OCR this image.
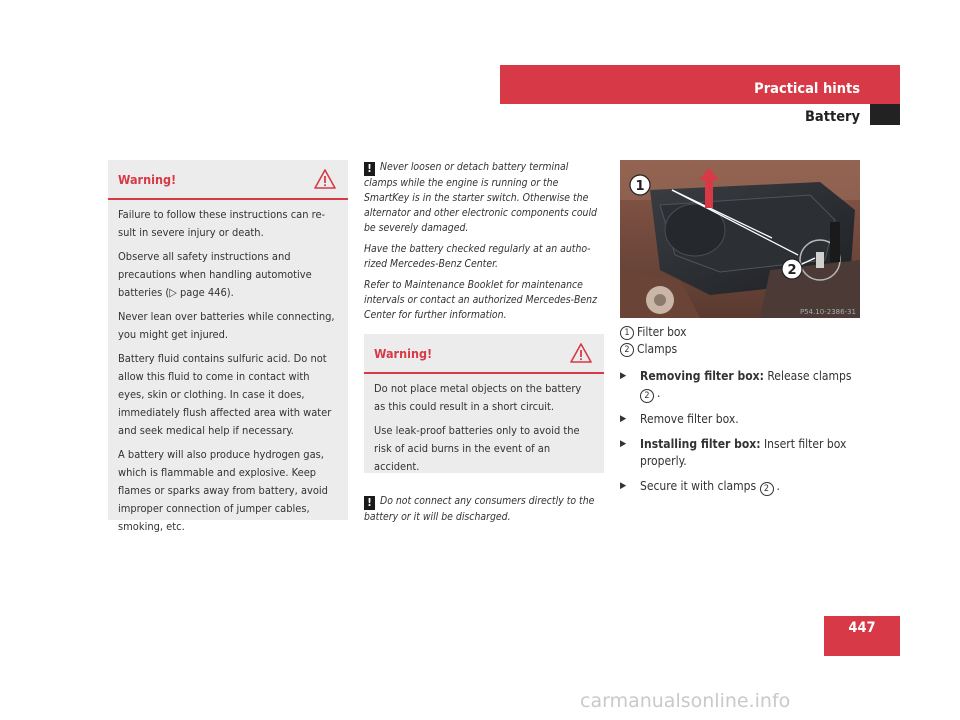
Practical hints
Battery
Warning!

Failure to follow these instructions can re-sult in severe injury or death.

Observe all safety instructions and precautions when handling automotive batteries (▷ page 446).

Never lean over batteries while connecting, you might get injured.

Battery fluid contains sulfuric acid. Do not allow this fluid to come in contact with eyes, skin or clothing. In case it does, immediately flush affected area with water and seek medical help if necessary.

A battery will also produce hydrogen gas, which is flammable and explosive. Keep flames or sparks away from battery, avoid improper connection of jumper cables, smoking, etc.

! Never loosen or detach battery terminal clamps while the engine is running or the SmartKey is in the starter switch. Otherwise the alternator and other electronic components could be severely damaged.

Have the battery checked regularly at an autho-rized Mercedes-Benz Center.

Refer to Maintenance Booklet for maintenance intervals or contact an authorized Mercedes-Benz Center for further information.

Warning!

Do not place metal objects on the battery as this could result in a short circuit.

Use leak-proof batteries only to avoid the risk of acid burns in the event of an accident.

! Do not connect any consumers directly to the battery or it will be discharged.
1
2
P54.10-2386-31
1 Filter box
2 Clamps
▶	Removing filter box: Release clamps 2 .
▶	Remove filter box.
▶	Installing filter box: Insert filter box properly.
▶	Secure it with clamps 2 .
447
carmanualsonline.info
